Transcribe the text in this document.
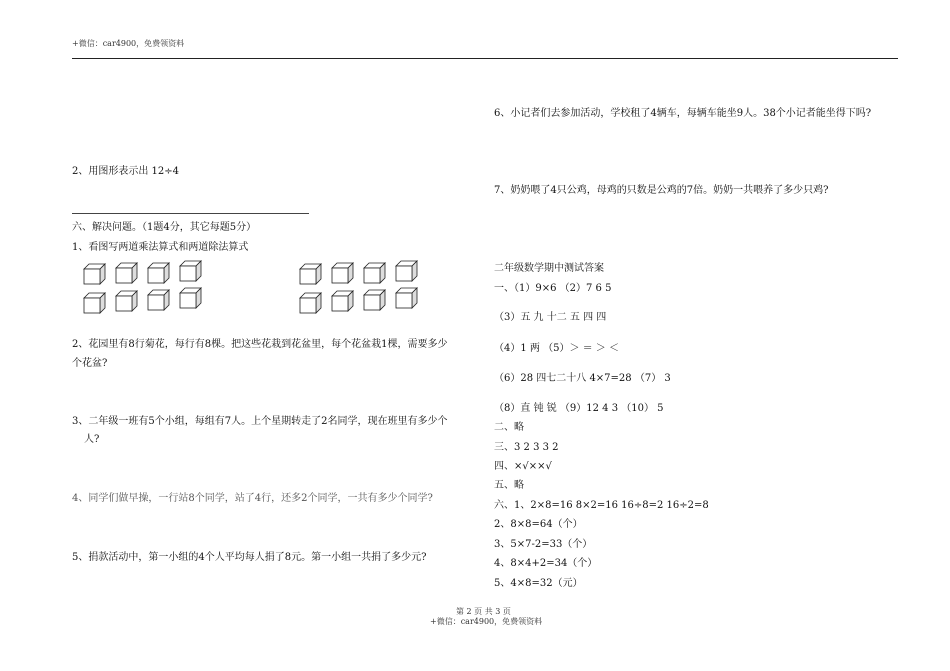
+微信：car4900，免费领资料
2、用图形表示出 12÷4
六、解决问题。（1题4分，其它每题5分）
1、看图写两道乘法算式和两道除法算式
2、花园里有8行菊花，每行有8棵。把这些花栽到花盆里，每个花盆栽1棵，需要多少
个花盆?
3、二年级一班有5个小组，每组有7人。上个星期转走了2名同学，现在班里有多少个
人?
4、同学们做早操，一行站8个同学，站了4行，还多2个同学，一共有多少个同学?
5、捐款活动中，第一小组的4个人平均每人捐了8元。第一小组一共捐了多少元?
6、小记者们去参加活动，学校租了4辆车，每辆车能坐9人。38个小记者能坐得下吗?
7、奶奶喂了4只公鸡，母鸡的只数是公鸡的7倍。奶奶一共喂养了多少只鸡?
二年级数学期中测试答案
一、（1）9×6 （2）7 6 5
（3）五 九 十二 五 四 四
（4）1 两 （5）＞ ＝ ＞ ＜
（6）28 四七二十八 4×7=28 （7） 3
（8）直 钝 锐 （9）12 4 3 （10） 5
二、略
三、3 2 3 3 2
四、×√××√
五、略
六、1、2×8=16 8×2=16 16÷8=2 16÷2=8
2、8×8=64（个）
3、5×7-2=33（个）
4、8×4+2=34（个）
5、4×8=32（元）
第 2 页 共 3 页
+微信：car4900，免费领资料
